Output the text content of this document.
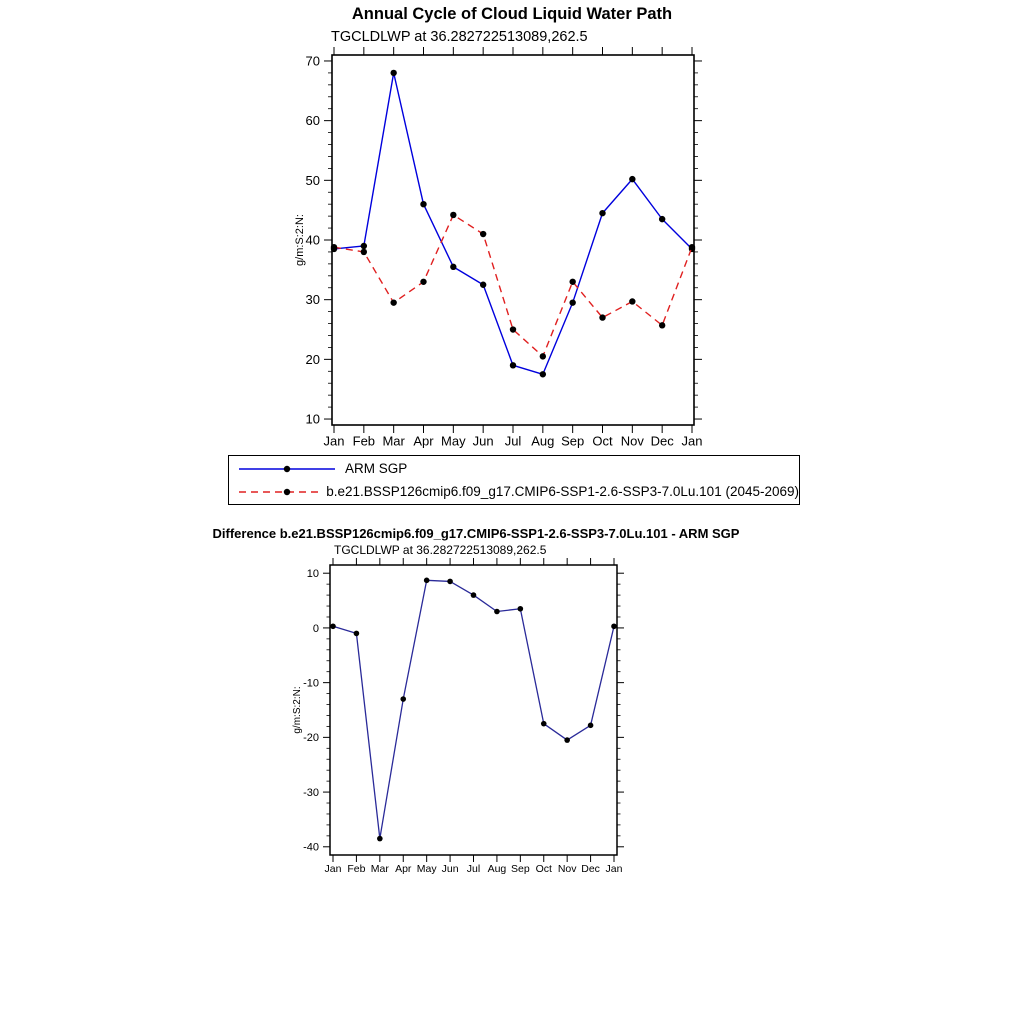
Annual Cycle of Cloud Liquid Water Path
TGCLDLWP at 36.282722513089,262.5
10
20
30
40
50
60
70
Jan Feb Mar Apr May Jun Jul Aug Sep Oct Nov Dec Jan
g/m:S:2:N:
ARM SGP
b.e21.BSSP126cmip6.f09_g17.CMIP6-SSP1-2.6-SSP3-7.0Lu.101 (2045-2069)
Difference b.e21.BSSP126cmip6.f09_g17.CMIP6-SSP1-2.6-SSP3-7.0Lu.101 - ARM SGP
TGCLDLWP at 36.282722513089,262.5
-40
-30
-20
-10
0
10
Jan Feb Mar Apr May Jun Jul Aug Sep Oct Nov Dec Jan
g/m:S:2:N:
